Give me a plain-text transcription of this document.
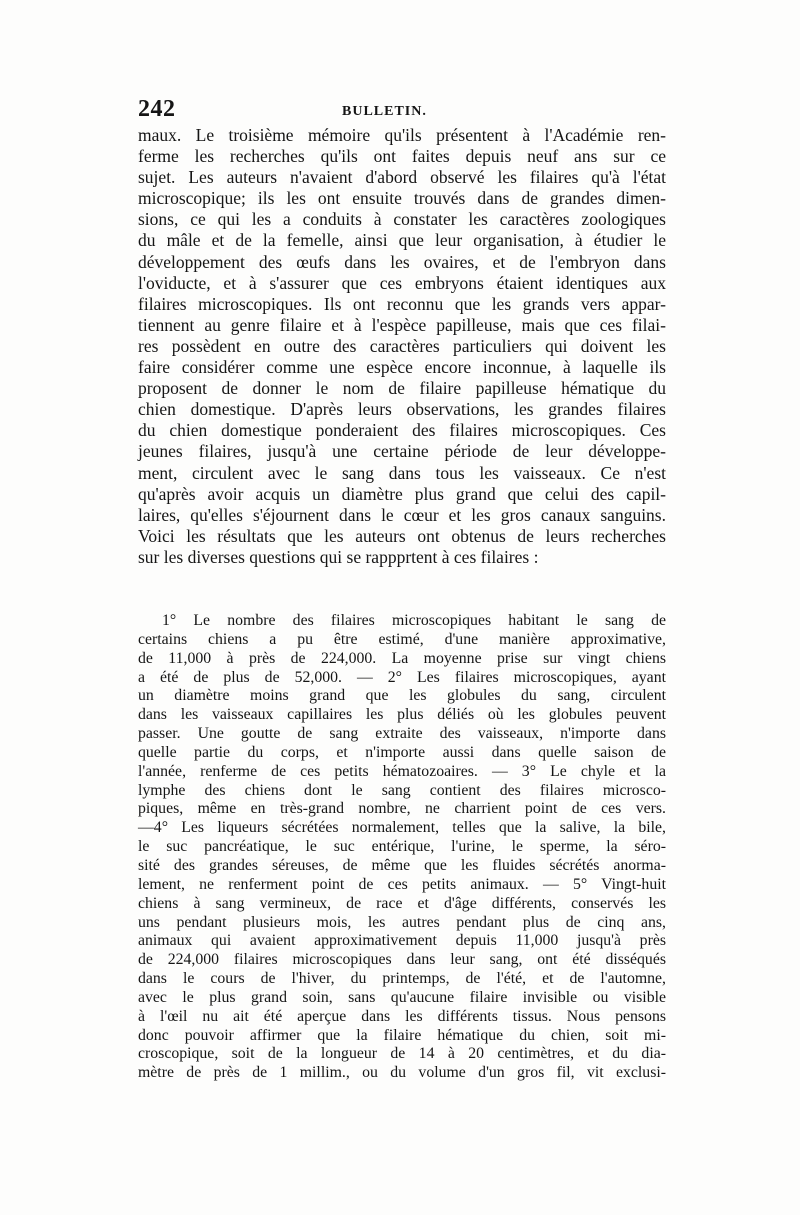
242	BULLETIN.
maux. Le troisième mémoire qu'ils présentent à l'Académie ren-
ferme les recherches qu'ils ont faites depuis neuf ans sur ce
sujet. Les auteurs n'avaient d'abord observé les filaires qu'à l'état
microscopique; ils les ont ensuite trouvés dans de grandes dimen-
sions, ce qui les a conduits à constater les caractères zoologiques
du mâle et de la femelle, ainsi que leur organisation, à étudier le
développement des œufs dans les ovaires, et de l'embryon dans
l'oviducte, et à s'assurer que ces embryons étaient identiques aux
filaires microscopiques. Ils ont reconnu que les grands vers appar-
tiennent au genre filaire et à l'espèce papilleuse, mais que ces filai-
res possèdent en outre des caractères particuliers qui doivent les
faire considérer comme une espèce encore inconnue, à laquelle ils
proposent de donner le nom de filaire papilleuse hématique du
chien domestique. D'après leurs observations, les grandes filaires
du chien domestique ponderaient des filaires microscopiques. Ces
jeunes filaires, jusqu'à une certaine période de leur développe-
ment, circulent avec le sang dans tous les vaisseaux. Ce n'est
qu'après avoir acquis un diamètre plus grand que celui des capil-
laires, qu'elles s'éjournent dans le cœur et les gros canaux sanguins.
Voici les résultats que les auteurs ont obtenus de leurs recherches
sur les diverses questions qui se rappprtent à ces filaires :
1° Le nombre des filaires microscopiques habitant le sang de
certains chiens a pu être estimé, d'une manière approximative,
de 11,000 à près de 224,000. La moyenne prise sur vingt chiens
a été de plus de 52,000. — 2° Les filaires microscopiques, ayant
un diamètre moins grand que les globules du sang, circulent
dans les vaisseaux capillaires les plus déliés où les globules peuvent
passer. Une goutte de sang extraite des vaisseaux, n'importe dans
quelle partie du corps, et n'importe aussi dans quelle saison de
l'année, renferme de ces petits hématozoaires. — 3° Le chyle et la
lymphe des chiens dont le sang contient des filaires microsco-
piques, même en très-grand nombre, ne charrient point de ces vers.
—4° Les liqueurs sécrétées normalement, telles que la salive, la bile,
le suc pancréatique, le suc entérique, l'urine, le sperme, la séro-
sité des grandes séreuses, de même que les fluides sécrétés anorma-
lement, ne renferment point de ces petits animaux. — 5° Vingt-huit
chiens à sang vermineux, de race et d'âge différents, conservés les
uns pendant plusieurs mois, les autres pendant plus de cinq ans,
animaux qui avaient approximativement depuis 11,000 jusqu'à près
de 224,000 filaires microscopiques dans leur sang, ont été disséqués
dans le cours de l'hiver, du printemps, de l'été, et de l'automne,
avec le plus grand soin, sans qu'aucune filaire invisible ou visible
à l'œil nu ait été aperçue dans les différents tissus. Nous pensons
donc pouvoir affirmer que la filaire hématique du chien, soit mi-
croscopique, soit de la longueur de 14 à 20 centimètres, et du dia-
mètre de près de 1 millim., ou du volume d'un gros fil, vit exclusi-
